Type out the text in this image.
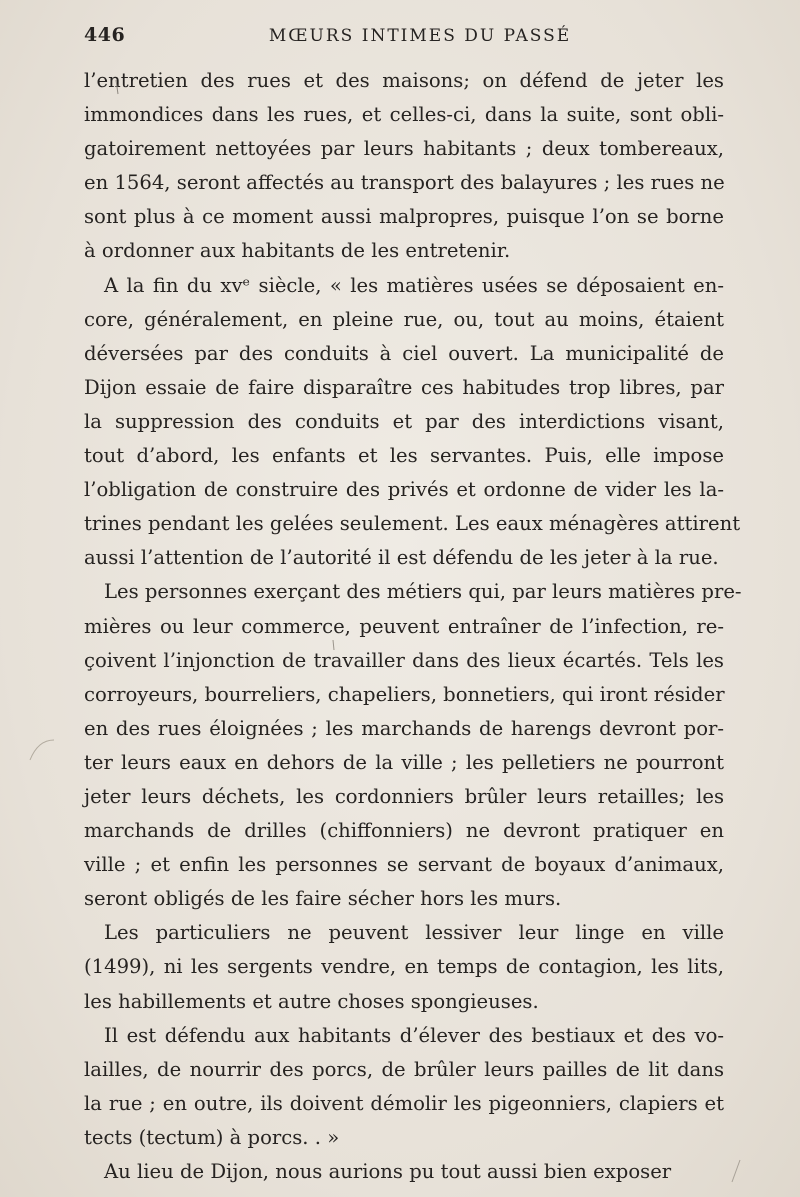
446	MŒURS INTIMES DU PASSÉ
l’entretien des rues et des maisons; on défend de jeter les
immondices dans les rues, et celles-ci, dans la suite, sont obli-
gatoirement nettoyées par leurs habitants ; deux tombereaux,
en 1564, seront affectés au transport des balayures ; les rues ne
sont plus à ce moment aussi malpropres, puisque l’on se borne
à ordonner aux habitants de les entretenir.
A la fin du xvᵉ siècle, « les matières usées se déposaient en-
core, généralement, en pleine rue, ou, tout au moins, étaient
déversées par des conduits à ciel ouvert. La municipalité de
Dijon essaie de faire disparaître ces habitudes trop libres, par
la suppression des conduits et par des interdictions visant,
tout d’abord, les enfants et les servantes. Puis, elle impose
l’obligation de construire des privés et ordonne de vider les la-
trines pendant les gelées seulement. Les eaux ménagères attirent
aussi l’attention de l’autorité il est défendu de les jeter à la rue.
Les personnes exerçant des métiers qui, par leurs matières pre-
mières ou leur commerce, peuvent entraîner de l’infection, re-
çoivent l’injonction de travailler dans des lieux écartés. Tels les
corroyeurs, bourreliers, chapeliers, bonnetiers, qui iront résider
en des rues éloignées ; les marchands de harengs devront por-
ter leurs eaux en dehors de la ville ; les pelletiers ne pourront
jeter leurs déchets, les cordonniers brûler leurs retailles; les
marchands de drilles (chiffonniers) ne devront pratiquer en
ville ; et enfin les personnes se servant de boyaux d’animaux,
seront obligés de les faire sécher hors les murs.
Les particuliers ne peuvent lessiver leur linge en ville
(1499), ni les sergents vendre, en temps de contagion, les lits,
les habillements et autre choses spongieuses.
Il est défendu aux habitants d’élever des bestiaux et des vo-
lailles, de nourrir des porcs, de brûler leurs pailles de lit dans
la rue ; en outre, ils doivent démolir les pigeonniers, clapiers et
tects (tectum) à porcs. . »
Au lieu de Dijon, nous aurions pu tout aussi bien exposer
